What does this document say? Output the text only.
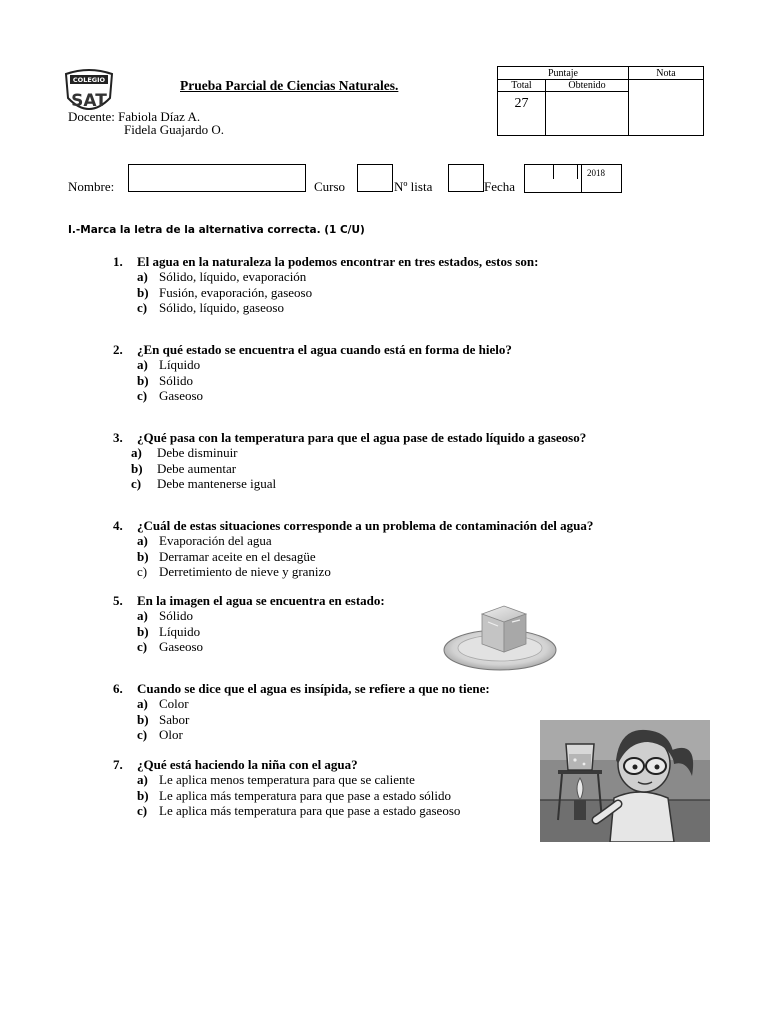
COLEGIO
SAT
Prueba Parcial de Ciencias Naturales.
Docente: Fabiola Díaz A.
Fidela Guajardo O.
Puntaje		Nota
Total	Obtenido	
27		
Nombre:	Curso	Nº lista	Fecha
2018
I.-Marca la letra de la alternativa correcta. (1 C/U)
1. El agua en la naturaleza la podemos encontrar en tres estados, estos son:
a) Sólido, líquido, evaporación
b) Fusión, evaporación, gaseoso
c) Sólido, líquido, gaseoso
2. ¿En qué estado se encuentra el agua cuando está en forma de hielo?
a) Líquido
b) Sólido
c) Gaseoso
3. ¿Qué pasa con la temperatura para que el agua pase de estado líquido a gaseoso?
a) Debe disminuir
b) Debe aumentar
c) Debe mantenerse igual
4. ¿Cuál de estas situaciones corresponde a un problema de contaminación del agua?
a) Evaporación del agua
b) Derramar aceite en el desagüe
c) Derretimiento de nieve y granizo
5. En la imagen el agua se encuentra en estado:
a) Sólido
b) Líquido
c) Gaseoso
6. Cuando se dice que el agua es insípida, se refiere a que no tiene:
a) Color
b) Sabor
c) Olor
7. ¿Qué está haciendo la niña con el agua?
a) Le aplica menos temperatura para que se caliente
b) Le aplica más temperatura para que pase a estado sólido
c) Le aplica más temperatura para que pase a estado gaseoso
